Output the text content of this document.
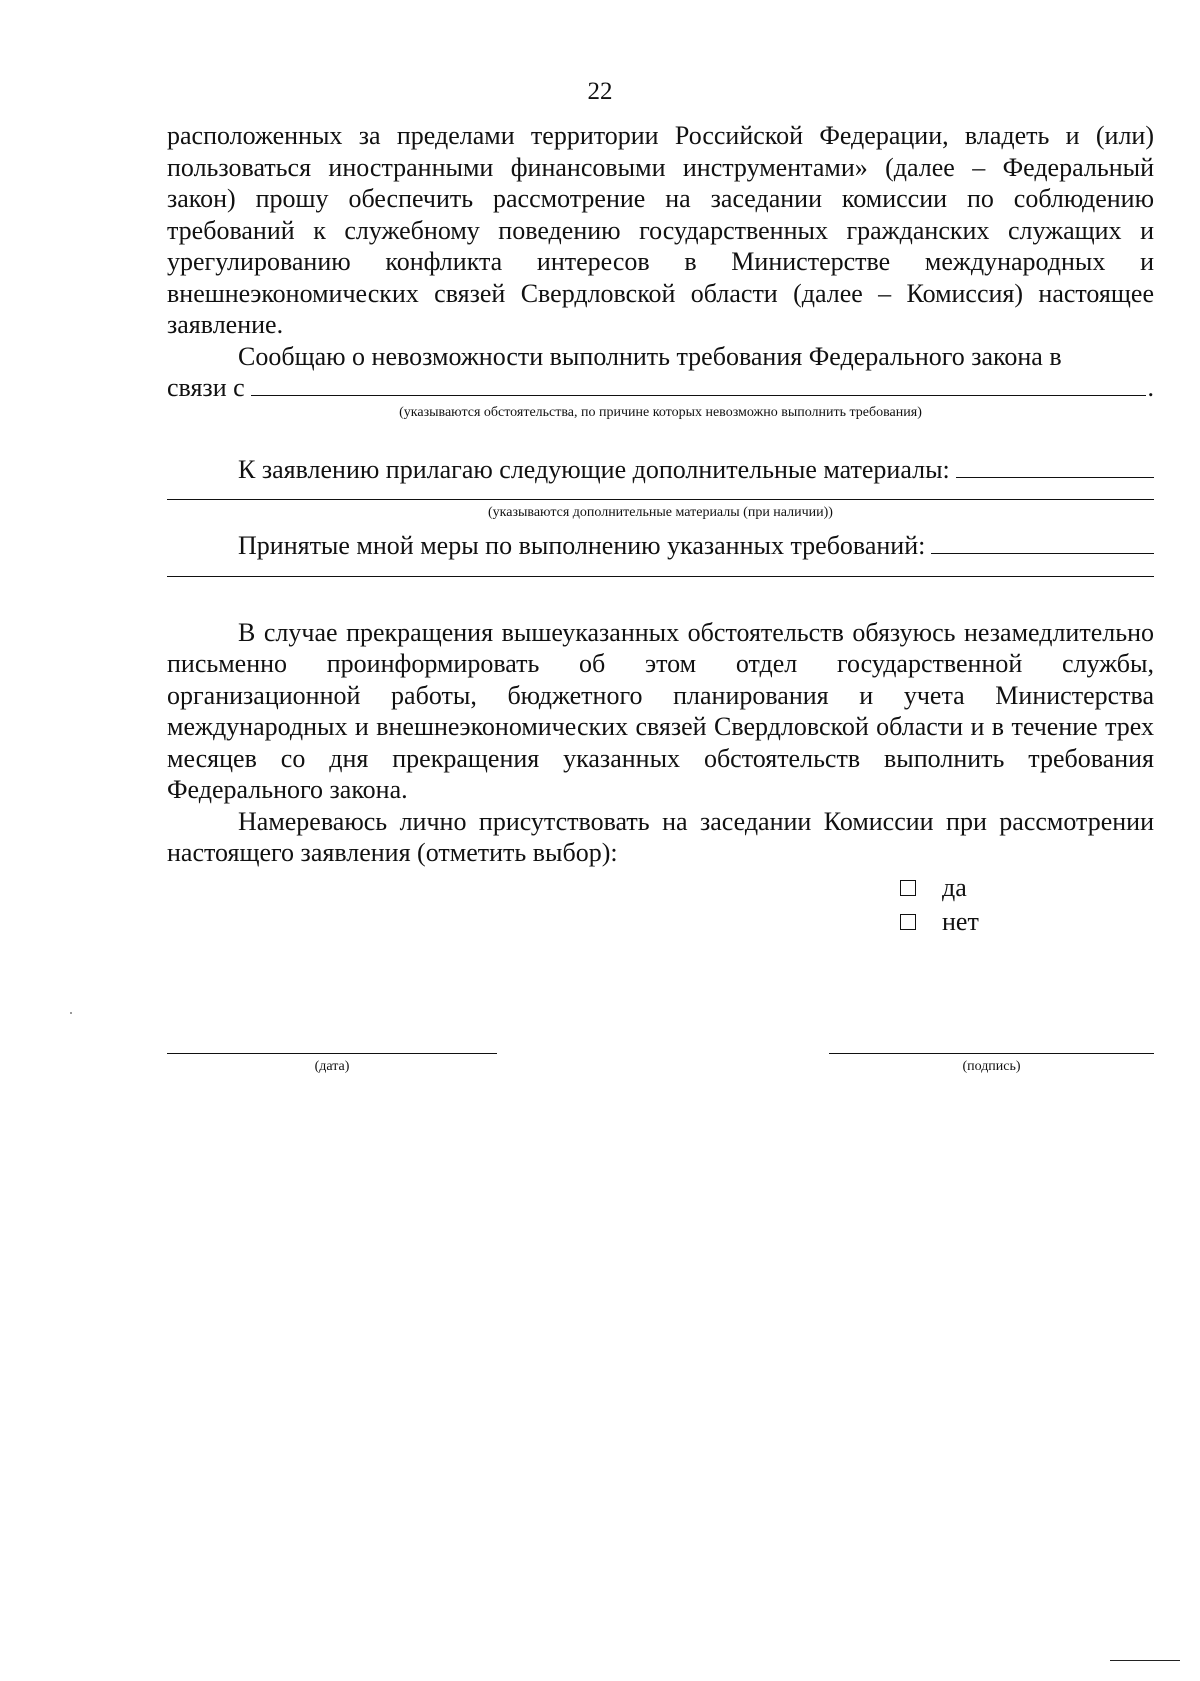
22

расположенных за пределами территории Российской Федерации, владеть и (или) пользоваться иностранными финансовыми инструментами» (далее – Федеральный закон) прошу обеспечить рассмотрение на заседании комиссии по соблюдению требований к служебному поведению государственных гражданских служащих и урегулированию конфликта интересов в Министерстве международных и внешнеэкономических связей Свердловской области (далее – Комиссия) настоящее заявление.

Сообщаю о невозможности выполнить требования Федерального закона в

связи с	.

(указываются обстоятельства, по причине которых невозможно выполнить требования)

К заявлению прилагаю следующие дополнительные материалы:

(указываются дополнительные материалы (при наличии))

Принятые мной меры по выполнению указанных требований:

В случае прекращения вышеуказанных обстоятельств обязуюсь незамедлительно письменно проинформировать об этом отдел государственной службы, организационной работы, бюджетного планирования и учета Министерства международных и внешнеэкономических связей Свердловской области и в течение трех месяцев со дня прекращения указанных обстоятельств выполнить требования Федерального закона.

Намереваюсь лично присутствовать на заседании Комиссии при рассмотрении настоящего заявления (отметить выбор):

да
нет
(дата)	(подпись)
